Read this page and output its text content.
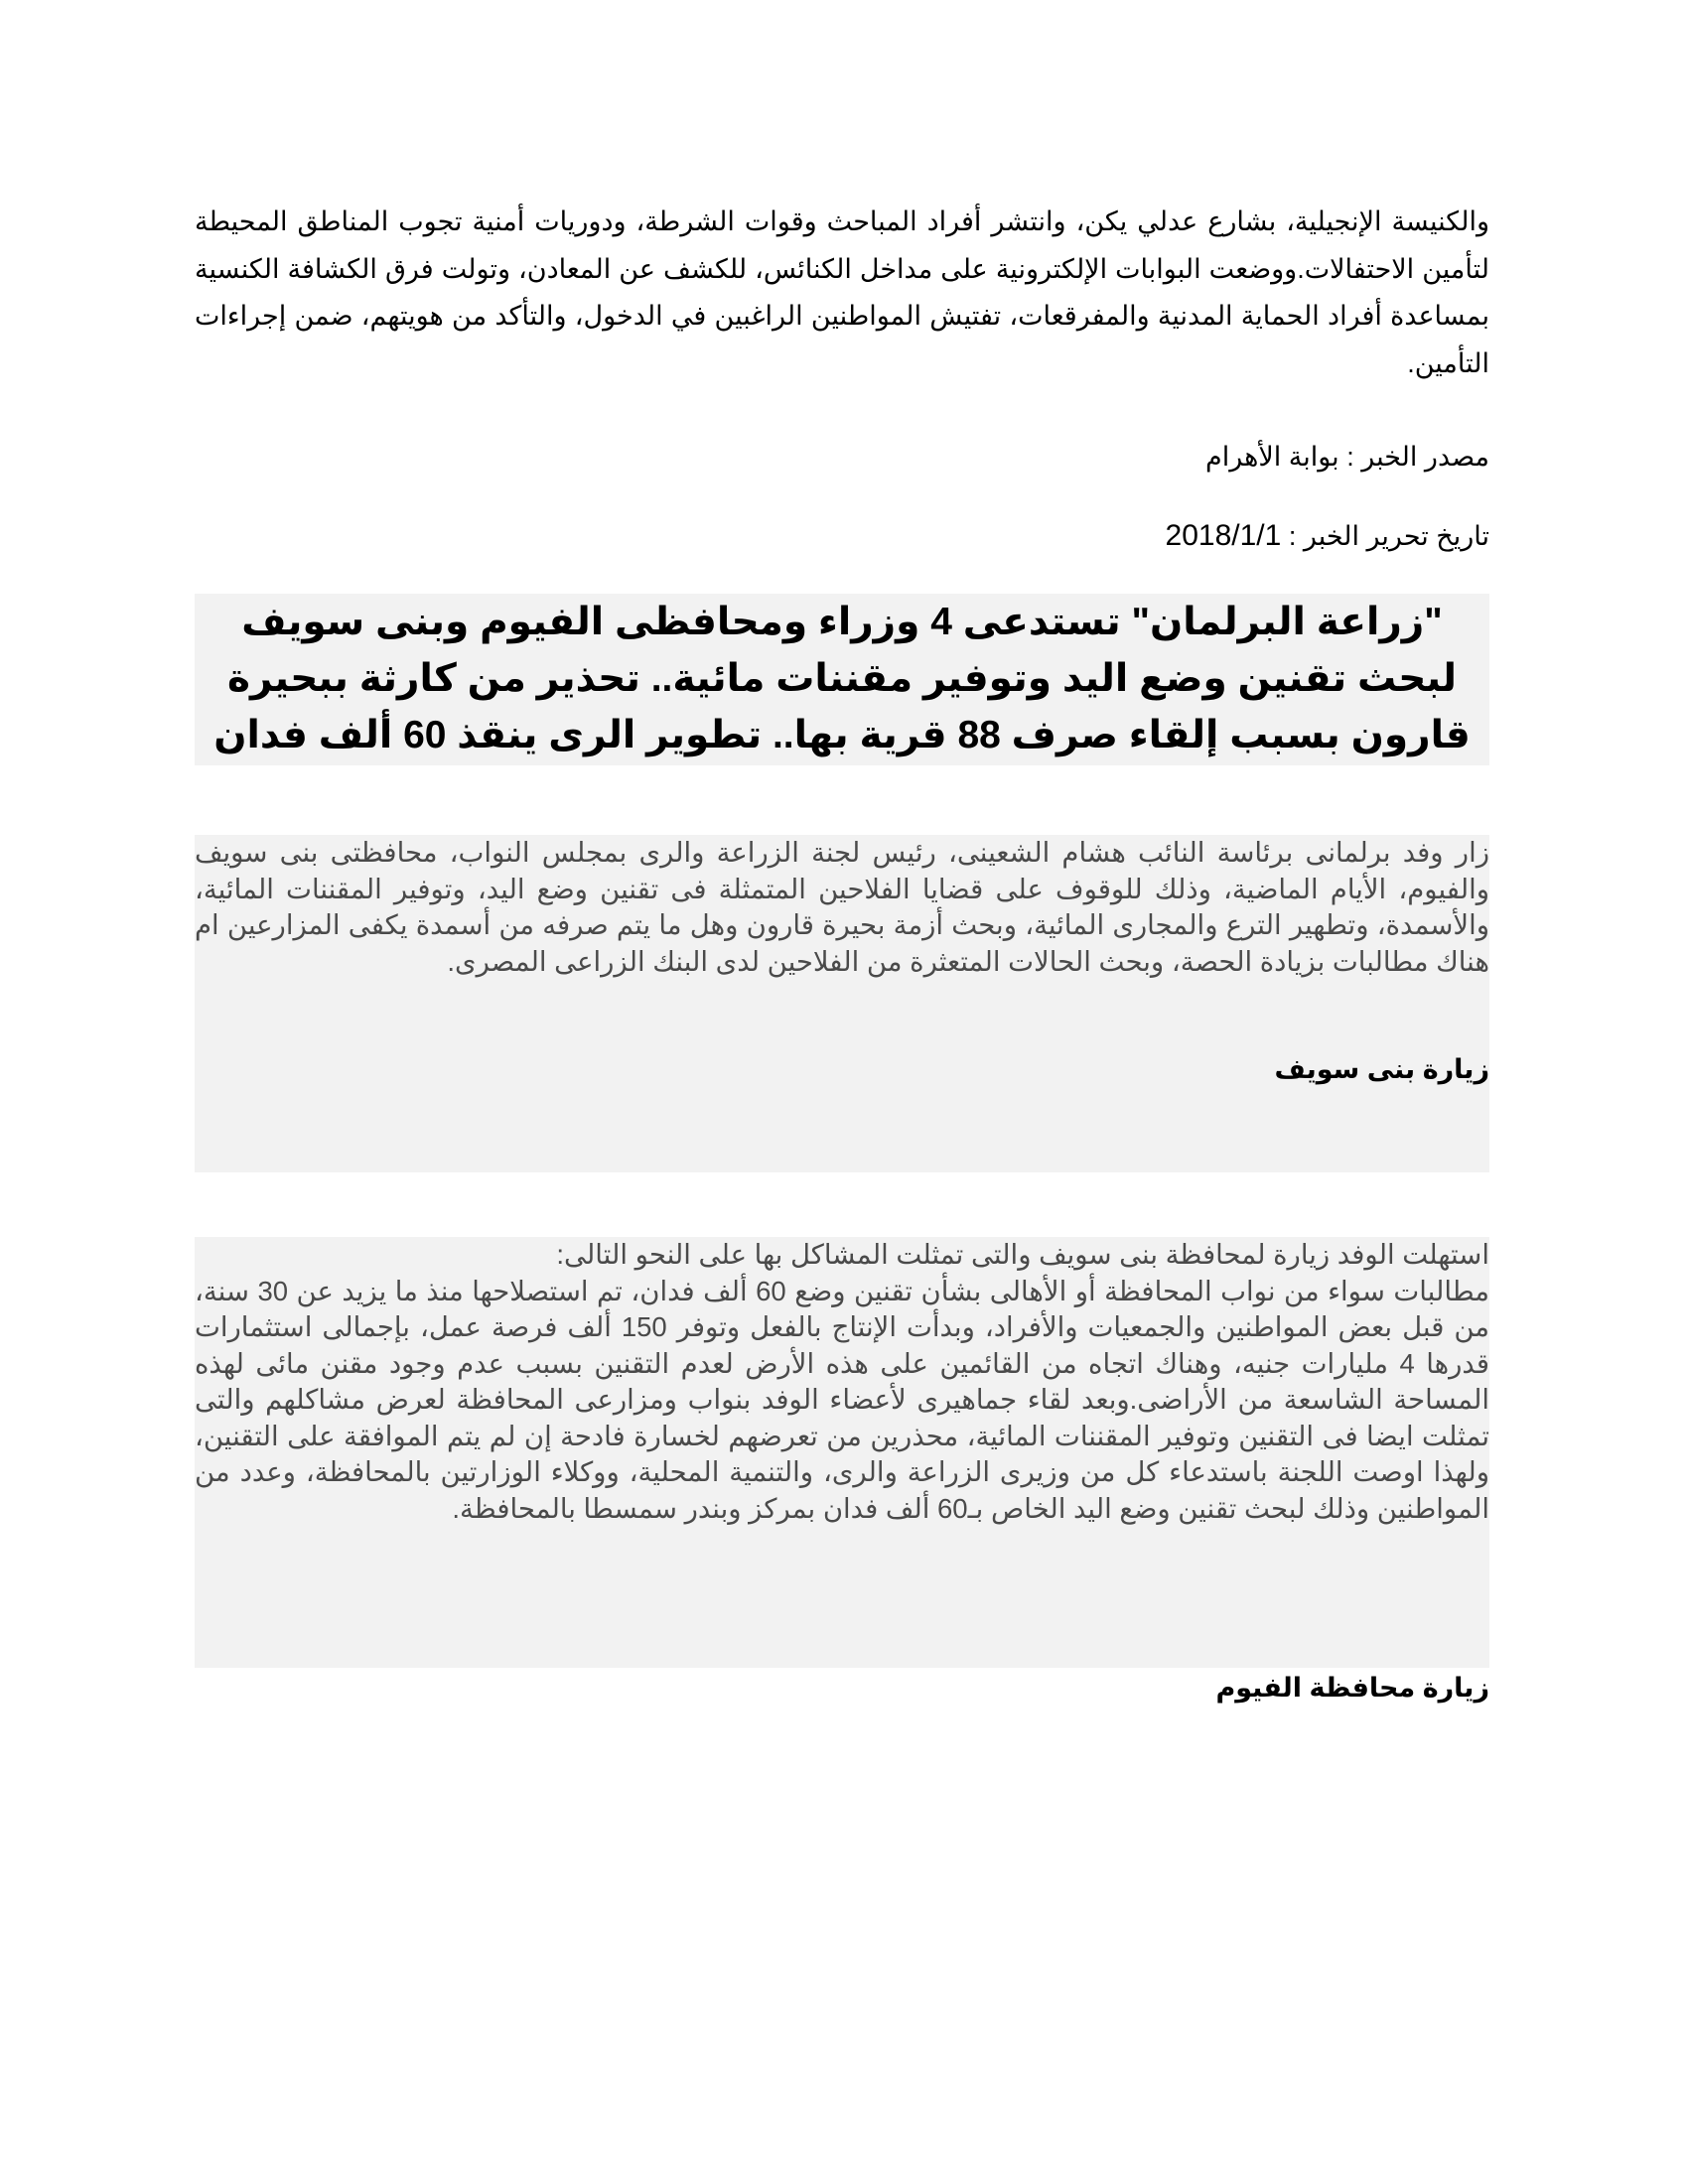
والكنيسة الإنجيلية، بشارع عدلي يكن، وانتشر أفراد المباحث وقوات الشرطة، ودوريات أمنية تجوب المناطق المحيطة لتأمين الاحتفالات.ووضعت البوابات الإلكترونية على مداخل الكنائس، للكشف عن المعادن، وتولت فرق الكشافة الكنسية بمساعدة أفراد الحماية المدنية والمفرقعات، تفتيش المواطنين الراغبين في الدخول، والتأكد من هويتهم، ضمن إجراءات التأمين.

مصدر الخبر : بوابة الأهرام

تاريخ تحرير الخبر : 2018/1/1

"زراعة البرلمان" تستدعى 4 وزراء ومحافظى الفيوم وبنى سويف لبحث تقنين وضع اليد وتوفير مقننات مائية.. تحذير من كارثة ببحيرة قارون بسبب إلقاء صرف 88 قرية بها.. تطوير الرى ينقذ 60 ألف فدان

زار وفد برلمانى برئاسة النائب هشام الشعينى، رئيس لجنة الزراعة والرى بمجلس النواب، محافظتى بنى سويف والفيوم، الأيام الماضية، وذلك للوقوف على قضايا الفلاحين المتمثلة فى تقنين وضع اليد، وتوفير المقننات المائية، والأسمدة، وتطهير الترع والمجارى المائية، وبحث أزمة بحيرة قارون وهل ما يتم صرفه من أسمدة يكفى المزارعين ام هناك مطالبات بزيادة الحصة، وبحث الحالات المتعثرة من الفلاحين لدى البنك الزراعى المصرى.

زيارة بنى سويف

استهلت الوفد زيارة لمحافظة بنى سويف والتى تمثلت المشاكل بها على النحو التالى:

مطالبات سواء من نواب المحافظة أو الأهالى بشأن تقنين وضع 60 ألف فدان، تم استصلاحها منذ ما يزيد عن 30 سنة، من قبل بعض المواطنين والجمعيات والأفراد، وبدأت الإنتاج بالفعل وتوفر 150 ألف فرصة عمل، بإجمالى استثمارات قدرها 4 مليارات جنيه، وهناك اتجاه من القائمين على هذه الأرض لعدم التقنين بسبب عدم وجود مقنن مائى لهذه المساحة الشاسعة من الأراضى.وبعد لقاء جماهيرى لأعضاء الوفد بنواب ومزارعى المحافظة لعرض مشاكلهم والتى تمثلت ايضا فى التقنين وتوفير المقننات المائية، محذرين من تعرضهم لخسارة فادحة إن لم يتم الموافقة على التقنين، ولهذا اوصت اللجنة باستدعاء كل من وزيرى الزراعة والرى، والتنمية المحلية، ووكلاء الوزارتين بالمحافظة، وعدد من المواطنين وذلك لبحث تقنين وضع اليد الخاص بـ60 ألف فدان بمركز وبندر سمسطا بالمحافظة.

زيارة محافظة الفيوم
